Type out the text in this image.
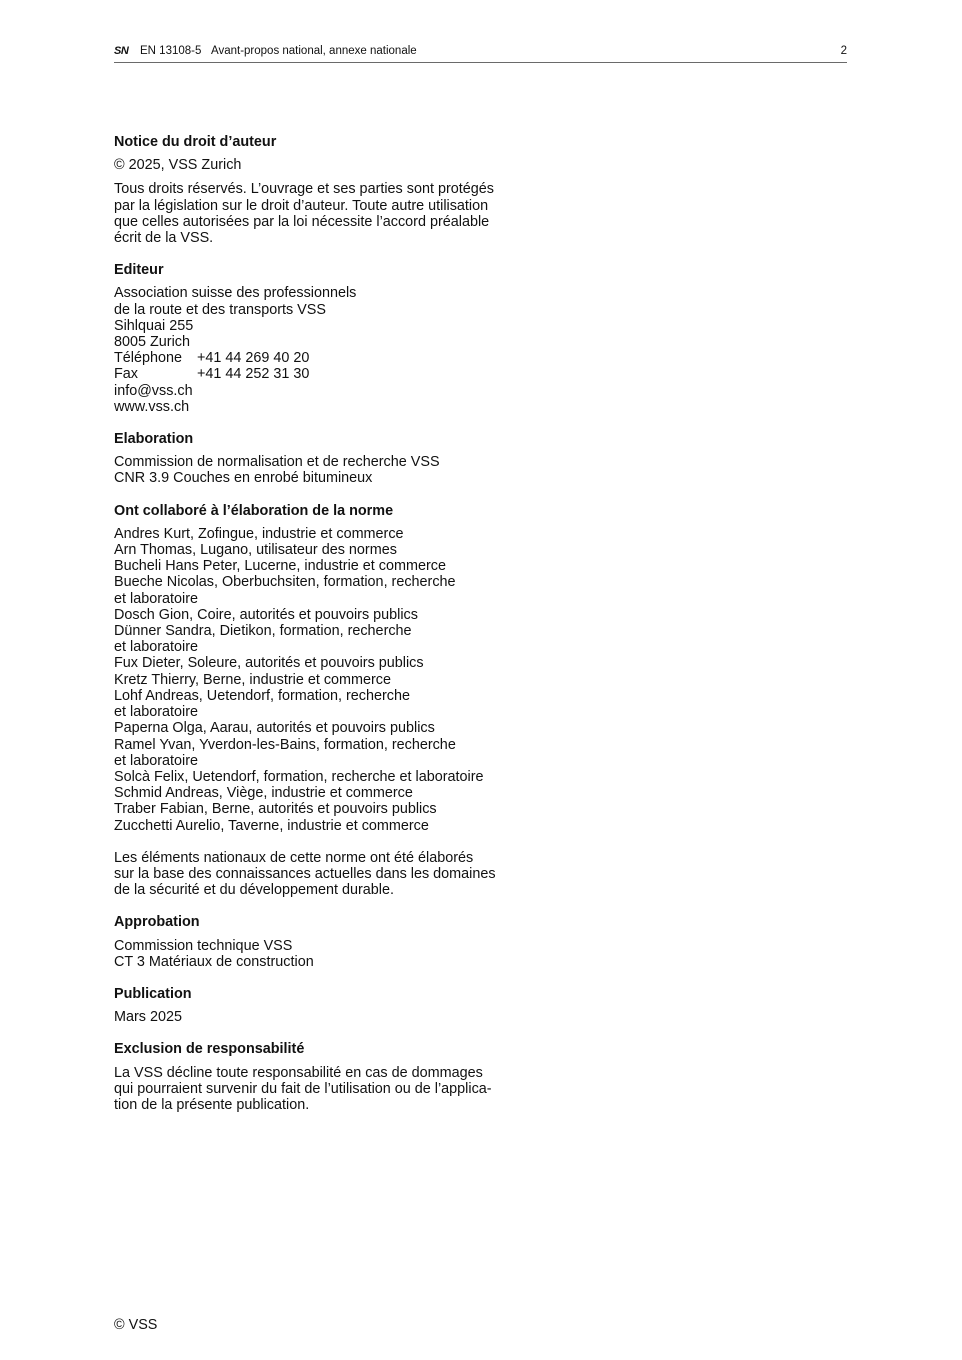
SN EN 13108-5 Avant-propos national, annexe nationale	2

Notice du droit d’auteur

© 2025, VSS Zurich

Tous droits réservés. L’ouvrage et ses parties sont protégés
par la législation sur le droit d’auteur. Toute autre utilisation
que celles autorisées par la loi nécessite l’accord préalable
écrit de la VSS.

Editeur

Association suisse des professionnels
de la route et des transports VSS
Sihlquai 255
8005 Zurich
Téléphone	+41 44 269 40 20
Fax	+41 44 252 31 30
info@vss.ch
www.vss.ch

Elaboration

Commission de normalisation et de recherche VSS
CNR 3.9 Couches en enrobé bitumineux

Ont collaboré à l’élaboration de la norme

Andres Kurt, Zofingue, industrie et commerce
Arn Thomas, Lugano, utilisateur des normes
Bucheli Hans Peter, Lucerne, industrie et commerce
Bueche Nicolas, Oberbuchsiten, formation, recherche
et laboratoire
Dosch Gion, Coire, autorités et pouvoirs publics
Dünner Sandra, Dietikon, formation, recherche
et laboratoire
Fux Dieter, Soleure, autorités et pouvoirs publics
Kretz Thierry, Berne, industrie et commerce
Lohf Andreas, Uetendorf, formation, recherche
et laboratoire
Paperna Olga, Aarau, autorités et pouvoirs publics
Ramel Yvan, Yverdon-les-Bains, formation, recherche
et laboratoire
Solcà Felix, Uetendorf, formation, recherche et laboratoire
Schmid Andreas, Viège, industrie et commerce
Traber Fabian, Berne, autorités et pouvoirs publics
Zucchetti Aurelio, Taverne, industrie et commerce

Les éléments nationaux de cette norme ont été élaborés
sur la base des connaissances actuelles dans les domaines
de la sécurité et du développement durable.

Approbation

Commission technique VSS
CT 3 Matériaux de construction

Publication

Mars 2025

Exclusion de responsabilité

La VSS décline toute responsabilité en cas de dommages
qui pourraient survenir du fait de l’utilisation ou de l’applica-
tion de la présente publication.

© VSS
